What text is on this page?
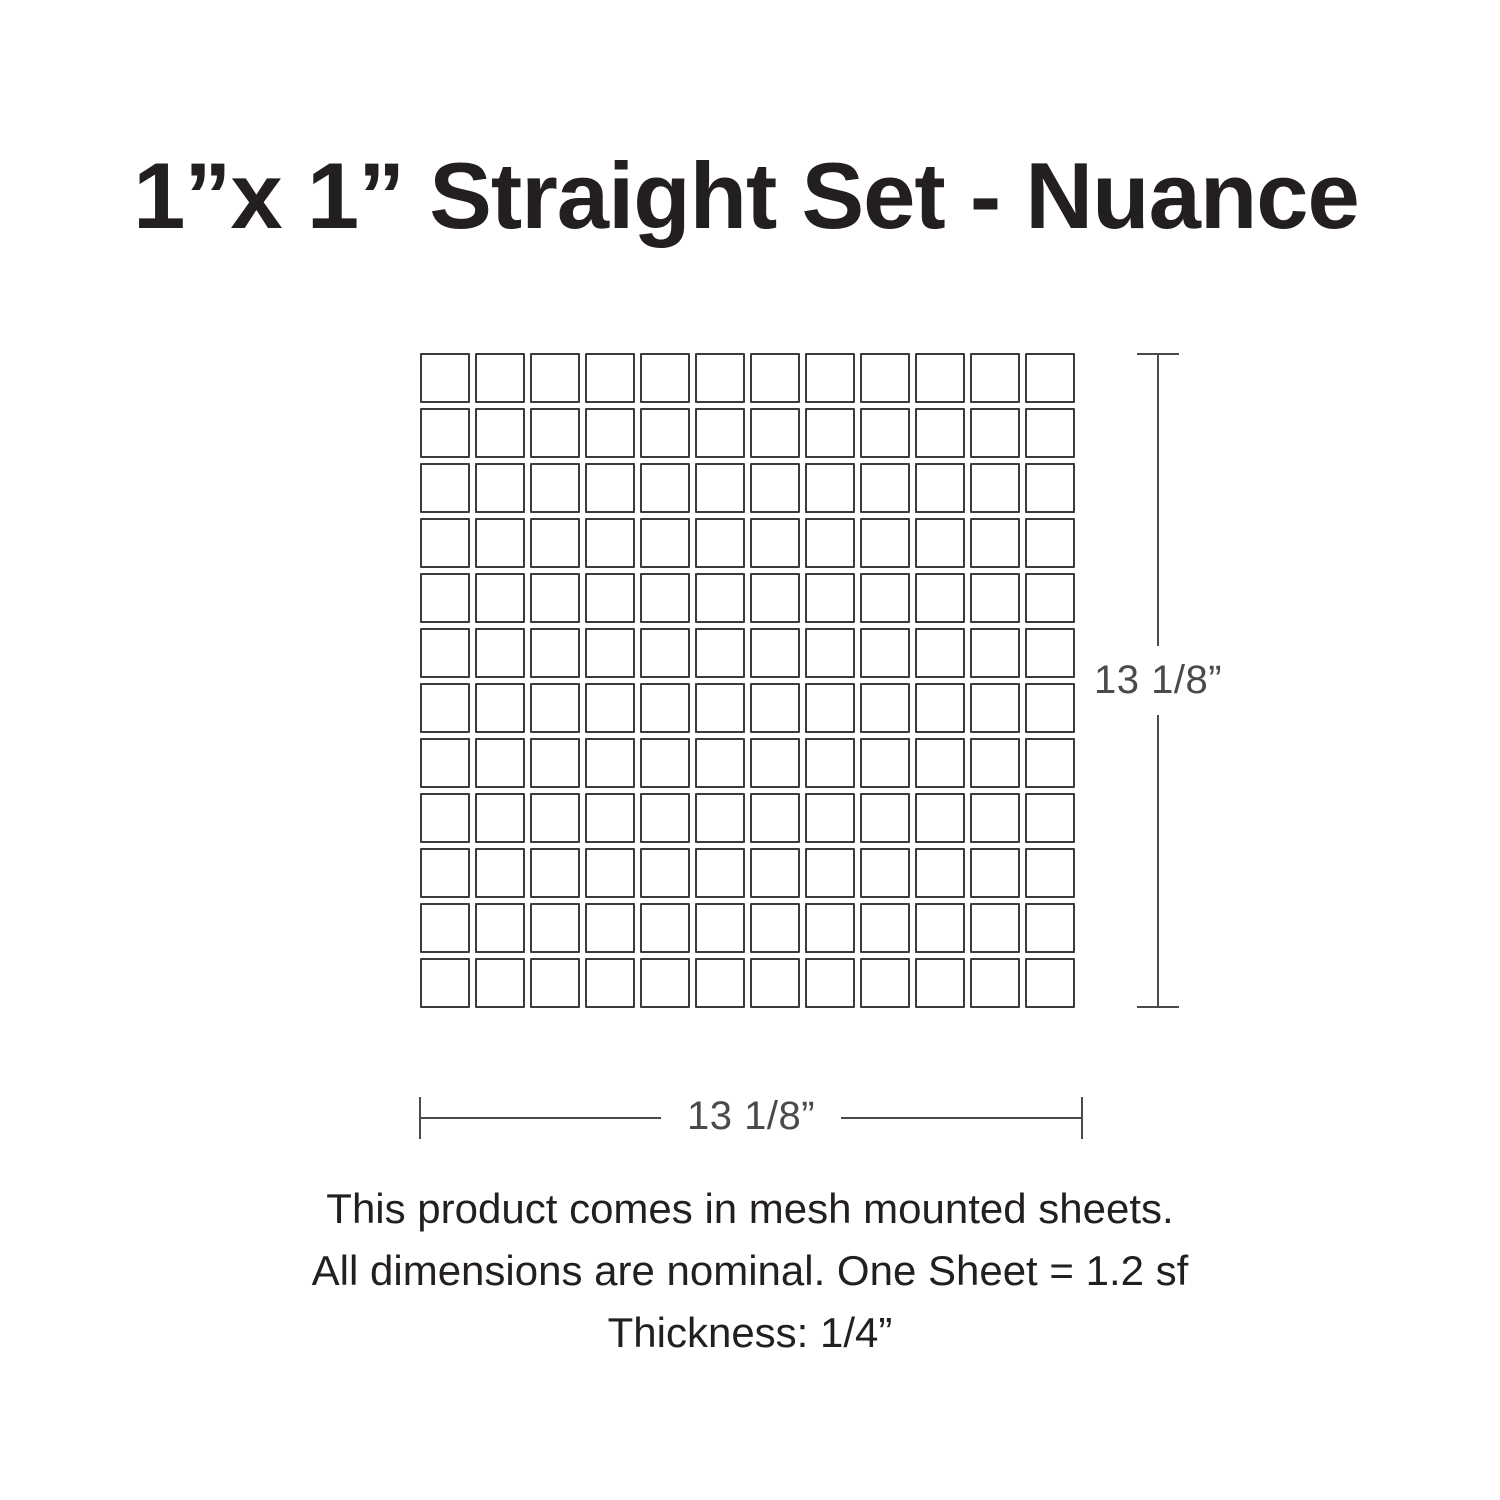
1”x 1” Straight Set - Nuance
13 1/8”
13 1/8”

This product comes in mesh mounted sheets.

All dimensions are nominal. One Sheet = 1.2 sf

Thickness: 1/4”
